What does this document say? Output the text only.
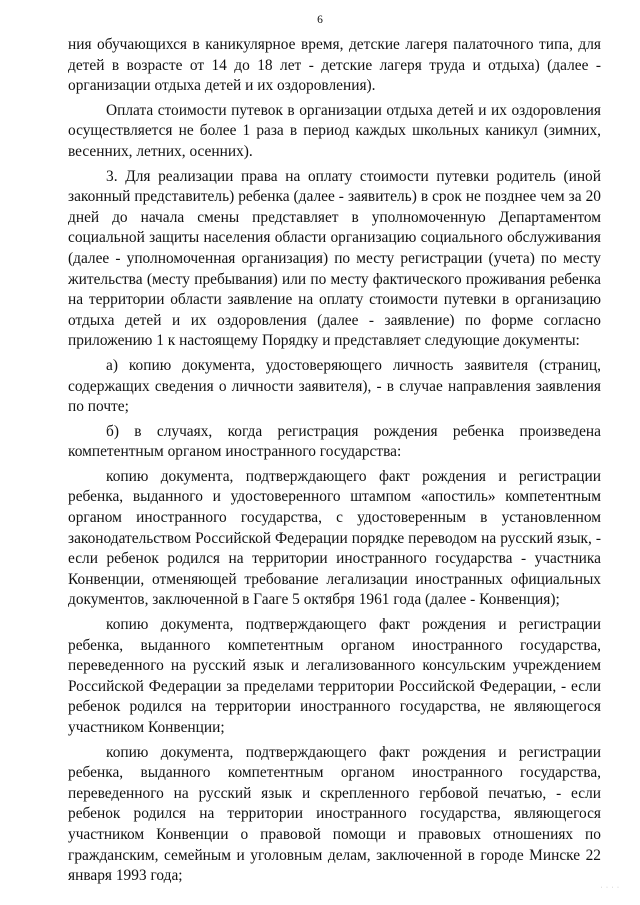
6

ния обучающихся в каникулярное время, детские лагеря палаточного типа, для детей в возрасте от 14 до 18 лет - детские лагеря труда и отдыха) (далее - организации отдыха детей и их оздоровления).

Оплата стоимости путевок в организации отдыха детей и их оздоровления осуществляется не более 1 раза в период каждых школьных каникул (зимних, весенних, летних, осенних).

3. Для реализации права на оплату стоимости путевки родитель (иной законный представитель) ребенка (далее - заявитель) в срок не позднее чем за 20 дней до начала смены представляет в уполномоченную Департаментом социальной защиты населения области организацию социального обслуживания (далее - уполномоченная организация) по месту регистрации (учета) по месту жительства (месту пребывания) или по месту фактического проживания ребенка на территории области заявление на оплату стоимости путевки в организацию отдыха детей и их оздоровления (далее - заявление) по форме согласно приложению 1 к настоящему Порядку и представляет следующие документы:

а) копию документа, удостоверяющего личность заявителя (страниц, содержащих сведения о личности заявителя), - в случае направления заявления по почте;

б) в случаях, когда регистрация рождения ребенка произведена компетентным органом иностранного государства:

копию документа, подтверждающего факт рождения и регистрации ребенка, выданного и удостоверенного штампом «апостиль» компетентным органом иностранного государства, с удостоверенным в установленном законодательством Российской Федерации порядке переводом на русский язык, - если ребенок родился на территории иностранного государства - участника Конвенции, отменяющей требование легализации иностранных официальных документов, заключенной в Гааге 5 октября 1961 года (далее - Конвенция);

копию документа, подтверждающего факт рождения и регистрации ребенка, выданного компетентным органом иностранного государства, переведенного на русский язык и легализованного консульским учреждением Российской Федерации за пределами территории Российской Федерации, - если ребенок родился на территории иностранного государства, не являющегося участником Конвенции;

копию документа, подтверждающего факт рождения и регистрации ребенка, выданного компетентным органом иностранного государства, переведенного на русский язык и скрепленного гербовой печатью, - если ребенок родился на территории иностранного государства, являющегося участником Конвенции о правовой помощи и правовых отношениях по гражданским, семейным и уголовным делам, заключенной в городе Минске 22 января 1993 года;

· · · ·
